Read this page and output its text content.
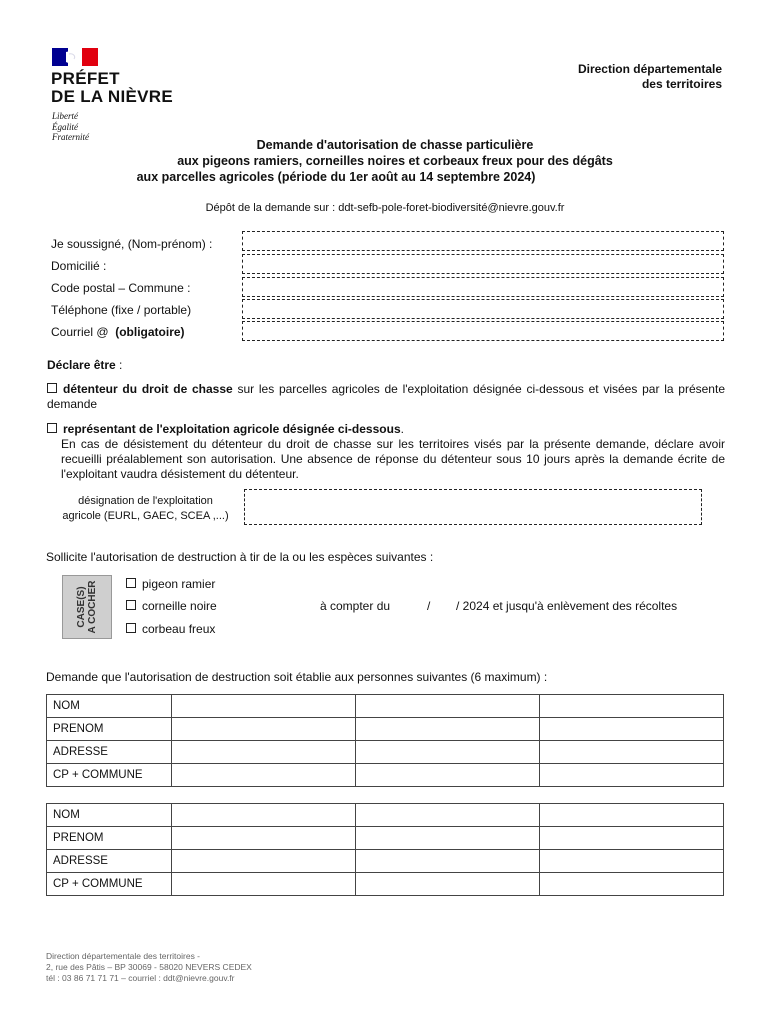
PRÉFET
DE LA NIÈVRE
Liberté
Égalité
Fraternité
Direction départementale
des territoires
Demande d'autorisation de chasse particulière
aux pigeons ramiers, corneilles noires et corbeaux freux pour des dégâts
aux parcelles agricoles (période du 1er août au 14 septembre 2024)
Dépôt de la demande sur : ddt-sefb-pole-foret-biodiversité@nievre.gouv.fr
Je soussigné, (Nom-prénom) :
Domicilié :
Code postal – Commune :
Téléphone (fixe / portable)
Courriel @ (obligatoire)
Déclare être :
détenteur du droit de chasse sur les parcelles agricoles de l'exploitation désignée ci-dessous et visées par la présente demande
représentant de l'exploitation agricole désignée ci-dessous.
En cas de désistement du détenteur du droit de chasse sur les territoires visés par la présente demande, déclare avoir recueilli préalablement son autorisation. Une absence de réponse du détenteur sous 10 jours après la demande écrite de l'exploitant vaudra désistement du détenteur.
désignation de l'exploitation
agricole (EURL, GAEC, SCEA ,...)
Sollicite l'autorisation de destruction à tir de la ou les espèces suivantes :
CASE(S) A COCHER	pigeon ramier
corneille noire
corbeau freux
à compter du	/ / 2024 et jusqu'à enlèvement des récoltes
Demande que l'autorisation de destruction soit établie aux personnes suivantes (6 maximum) :
NOM			
PRENOM			
ADRESSE			
CP + COMMUNE			
NOM			
PRENOM			
ADRESSE			
CP + COMMUNE			
Direction départementale des territoires -
2, rue des Pâtis – BP 30069 - 58020 NEVERS CEDEX
tél : 03 86 71 71 71 – courriel : ddt@nievre.gouv.fr
